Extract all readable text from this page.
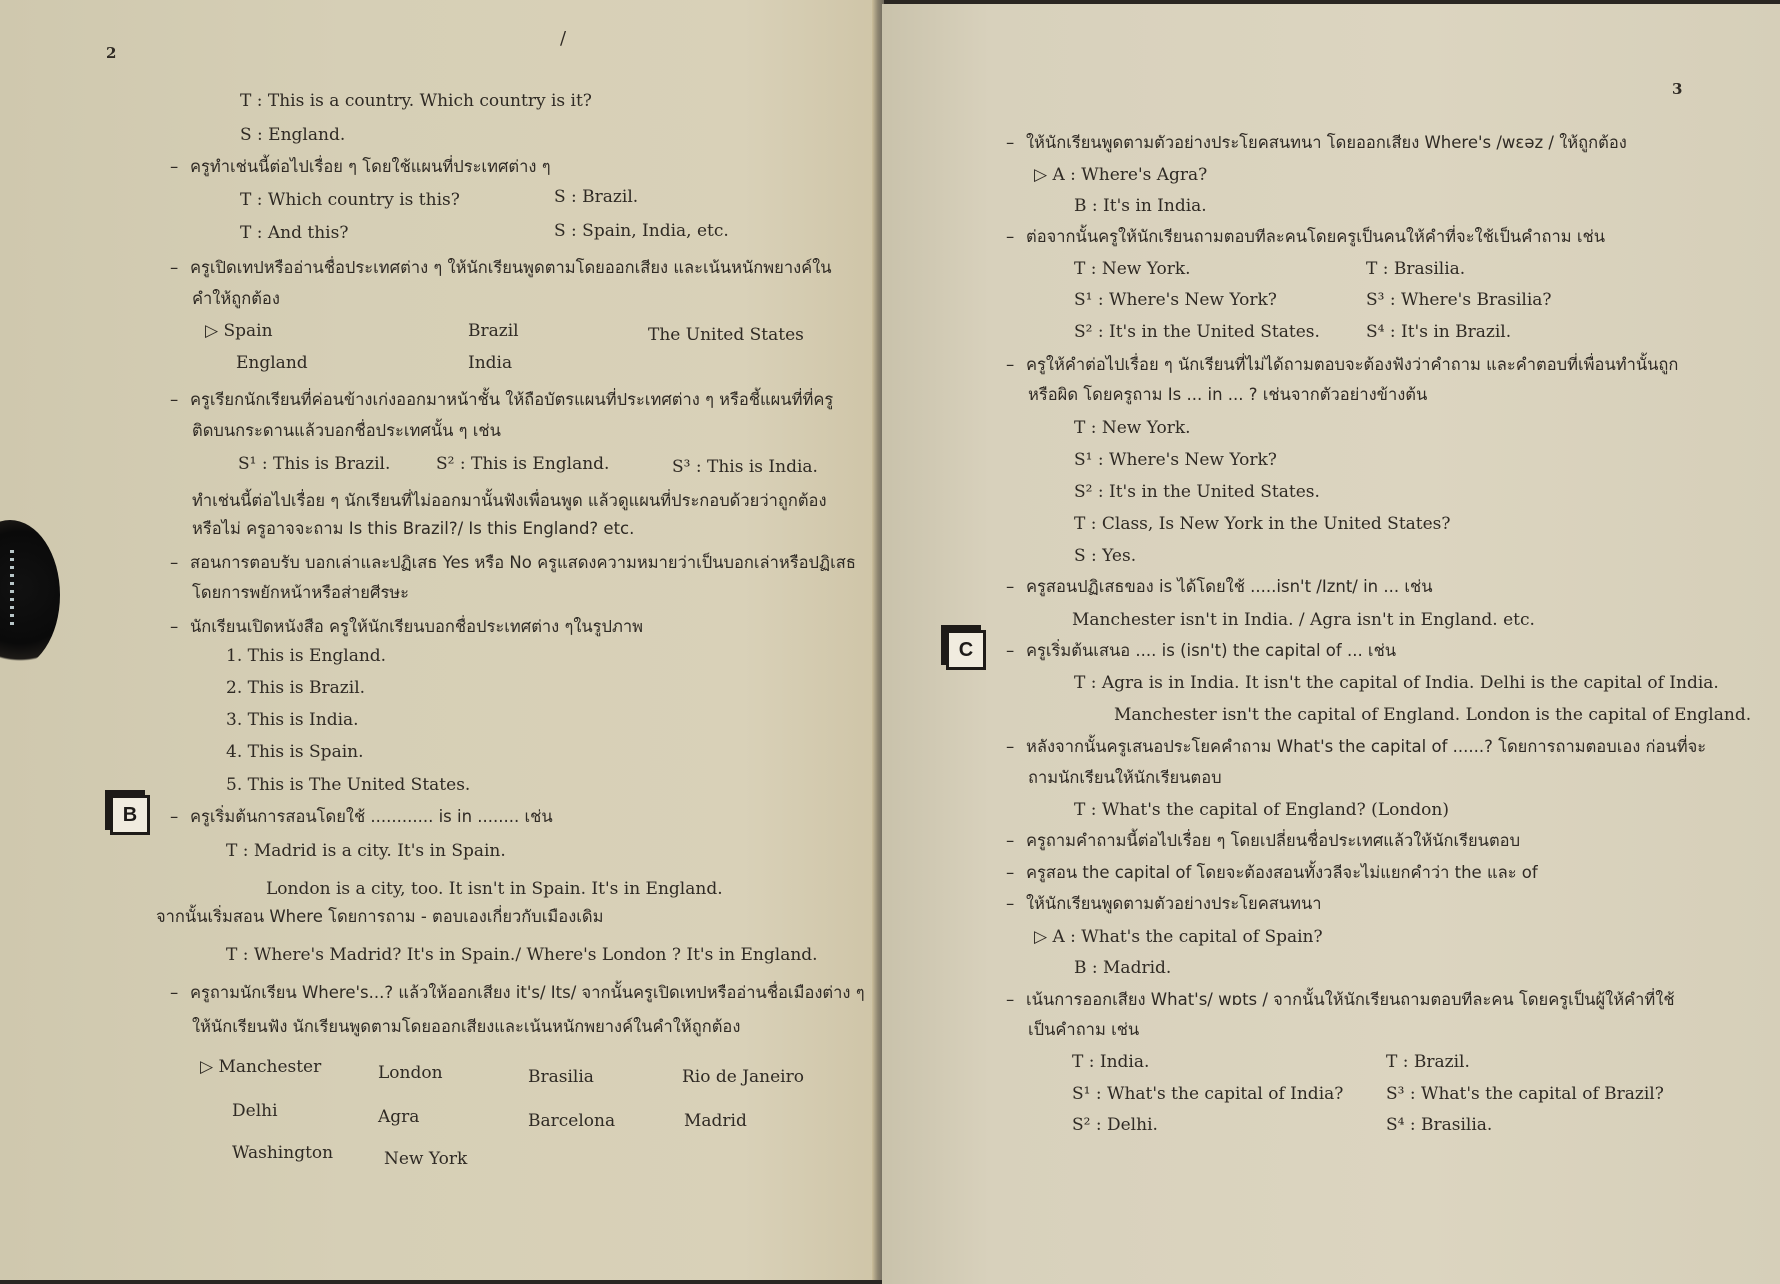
2
/
T : This is a country. Which country is it?
S : England.
– ครูทำเช่นนี้ต่อไปเรื่อย ๆ โดยใช้แผนที่ประเทศต่าง ๆ
T : Which country is this?	S : Brazil.
T : And this?	S : Spain, India, etc.
– ครูเปิดเทปหรืออ่านชื่อประเทศต่าง ๆ ให้นักเรียนพูดตามโดยออกเสียง และเน้นหนักพยางค์ใน
คำให้ถูกต้อง
▷ Spain	Brazil	The United States
England	India
– ครูเรียกนักเรียนที่ค่อนข้างเก่งออกมาหน้าชั้น ให้ถือบัตรแผนที่ประเทศต่าง ๆ หรือชี้แผนที่ที่ครู
ติดบนกระดานแล้วบอกชื่อประเทศนั้น ๆ เช่น
S¹ : This is Brazil.	S² : This is England.	S³ : This is India.
ทำเช่นนี้ต่อไปเรื่อย ๆ นักเรียนที่ไม่ออกมานั้นฟังเพื่อนพูด แล้วดูแผนที่ประกอบด้วยว่าถูกต้อง
หรือไม่ ครูอาจจะถาม Is this Brazil?/ Is this England? etc.
– สอนการตอบรับ บอกเล่าและปฏิเสธ Yes หรือ No ครูแสดงความหมายว่าเป็นบอกเล่าหรือปฏิเสธ
โดยการพยักหน้าหรือส่ายศีรษะ
– นักเรียนเปิดหนังสือ ครูให้นักเรียนบอกชื่อประเทศต่าง ๆในรูปภาพ
1. This is England.
2. This is Brazil.
3. This is India.
4. This is Spain.
5. This is The United States.
B	– ครูเริ่มต้นการสอนโดยใช้ ............ is in ........ เช่น
T : Madrid is a city. It's in Spain.
London is a city, too. It isn't in Spain. It's in England.
จากนั้นเริ่มสอน Where โดยการถาม - ตอบเองเกี่ยวกับเมืองเดิม
T : Where's Madrid? It's in Spain./ Where's London ? It's in England.
– ครูถามนักเรียน Where's...? แล้วให้ออกเสียง it's/ Its/ จากนั้นครูเปิดเทปหรืออ่านชื่อเมืองต่าง ๆ
ให้นักเรียนฟัง นักเรียนพูดตามโดยออกเสียงและเน้นหนักพยางค์ในคำให้ถูกต้อง
▷ Manchester	London	Brasilia	Rio de Janeiro
Delhi	Agra	Barcelona	Madrid
Washington	New York
3
– ให้นักเรียนพูดตามตัวอย่างประโยคสนทนา โดยออกเสียง Where's /wɛəz / ให้ถูกต้อง
▷ A : Where's Agra?
B : It's in India.
– ต่อจากนั้นครูให้นักเรียนถามตอบทีละคนโดยครูเป็นคนให้คำที่จะใช้เป็นคำถาม เช่น
T : New York.	T : Brasilia.
S¹ : Where's New York?	S³ : Where's Brasilia?
S² : It's in the United States.	S⁴ : It's in Brazil.
– ครูให้คำต่อไปเรื่อย ๆ นักเรียนที่ไม่ได้ถามตอบจะต้องฟังว่าคำถาม และคำตอบที่เพื่อนทำนั้นถูก
หรือผิด โดยครูถาม Is ... in ... ? เช่นจากตัวอย่างข้างต้น
T : New York.
S¹ : Where's New York?
S² : It's in the United States.
T : Class, Is New York in the United States?
S : Yes.
– ครูสอนปฏิเสธของ is ได้โดยใช้ .....isn't /Iznt/ in ... เช่น
Manchester isn't in India. / Agra isn't in England. etc.
C	– ครูเริ่มต้นเสนอ .... is (isn't) the capital of ... เช่น
T : Agra is in India. It isn't the capital of India. Delhi is the capital of India.
Manchester isn't the capital of England. London is the capital of England.
– หลังจากนั้นครูเสนอประโยคคำถาม What's the capital of ......? โดยการถามตอบเอง ก่อนที่จะ
ถามนักเรียนให้นักเรียนตอบ
T : What's the capital of England? (London)
– ครูถามคำถามนี้ต่อไปเรื่อย ๆ โดยเปลี่ยนชื่อประเทศแล้วให้นักเรียนตอบ
– ครูสอน the capital of โดยจะต้องสอนทั้งวลีจะไม่แยกคำว่า the และ of
– ให้นักเรียนพูดตามตัวอย่างประโยคสนทนา
▷ A : What's the capital of Spain?
B : Madrid.
– เน้นการออกเสียง What's/ wɒts / จากนั้นให้นักเรียนถามตอบทีละคน โดยครูเป็นผู้ให้คำที่ใช้
เป็นคำถาม เช่น
T : India.	T : Brazil.
S¹ : What's the capital of India?	S³ : What's the capital of Brazil?
S² : Delhi.	S⁴ : Brasilia.
